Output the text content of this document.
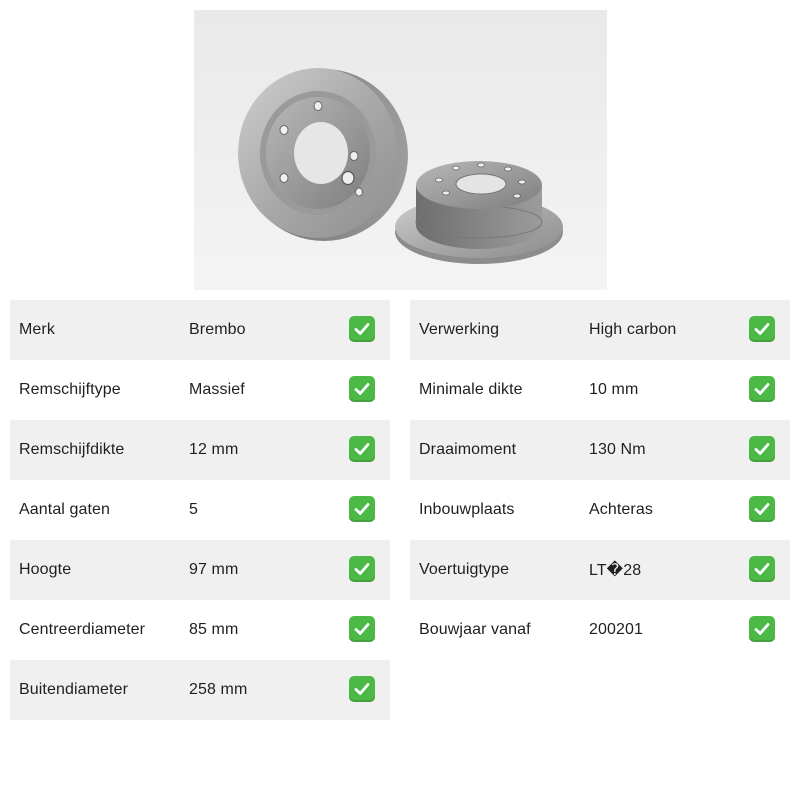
Merk	Brembo
Remschijftype	Massief
Remschijfdikte	12 mm
Aantal gaten	5
Hoogte	97 mm
Centreerdiameter	85 mm
Buitendiameter	258 mm
Verwerking	High carbon
Minimale dikte	10 mm
Draaimoment	130 Nm
Inbouwplaats	Achteras
Voertuigtype	LT�28
Bouwjaar vanaf	200201
